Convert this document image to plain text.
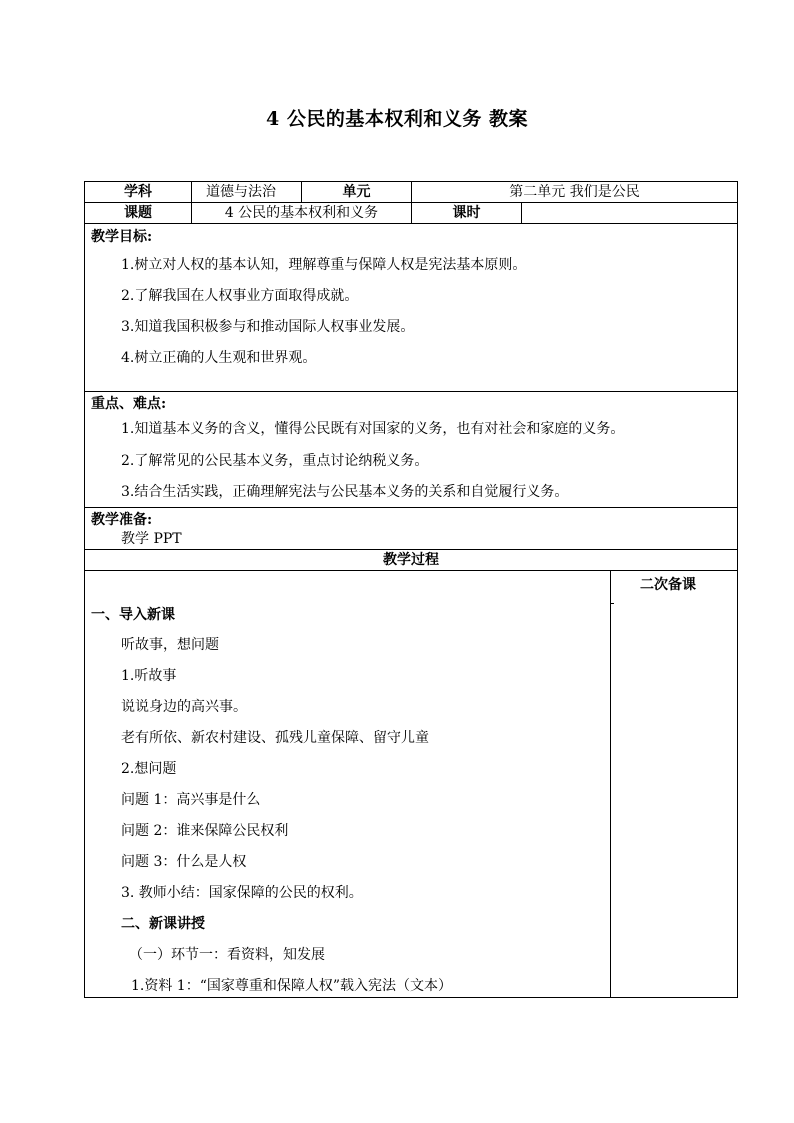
4 公民的基本权利和义务 教案
学科	道德与法治	单元	第二单元 我们是公民
课题	4 公民的基本权利和义务	课时
教学目标:
1.树立对人权的基本认知，理解尊重与保障人权是宪法基本原则。
2.了解我国在人权事业方面取得成就。
3.知道我国积极参与和推动国际人权事业发展。
4.树立正确的人生观和世界观。
重点、难点:
1.知道基本义务的含义，懂得公民既有对国家的义务，也有对社会和家庭的义务。
2.了解常见的公民基本义务，重点讨论纳税义务。
3.结合生活实践，正确理解宪法与公民基本义务的关系和自觉履行义务。
教学准备:
教学 PPT
教学过程
二次备课
一、导入新课
听故事，想问题
1.听故事
说说身边的高兴事。
老有所依、新农村建设、孤残儿童保障、留守儿童
2.想问题
问题 1：高兴事是什么
问题 2：谁来保障公民权利
问题 3：什么是人权
3. 教师小结：国家保障的公民的权利。
二、新课讲授
（一）环节一：看资料，知发展
1.资料 1：“国家尊重和保障人权”载入宪法（文本）
